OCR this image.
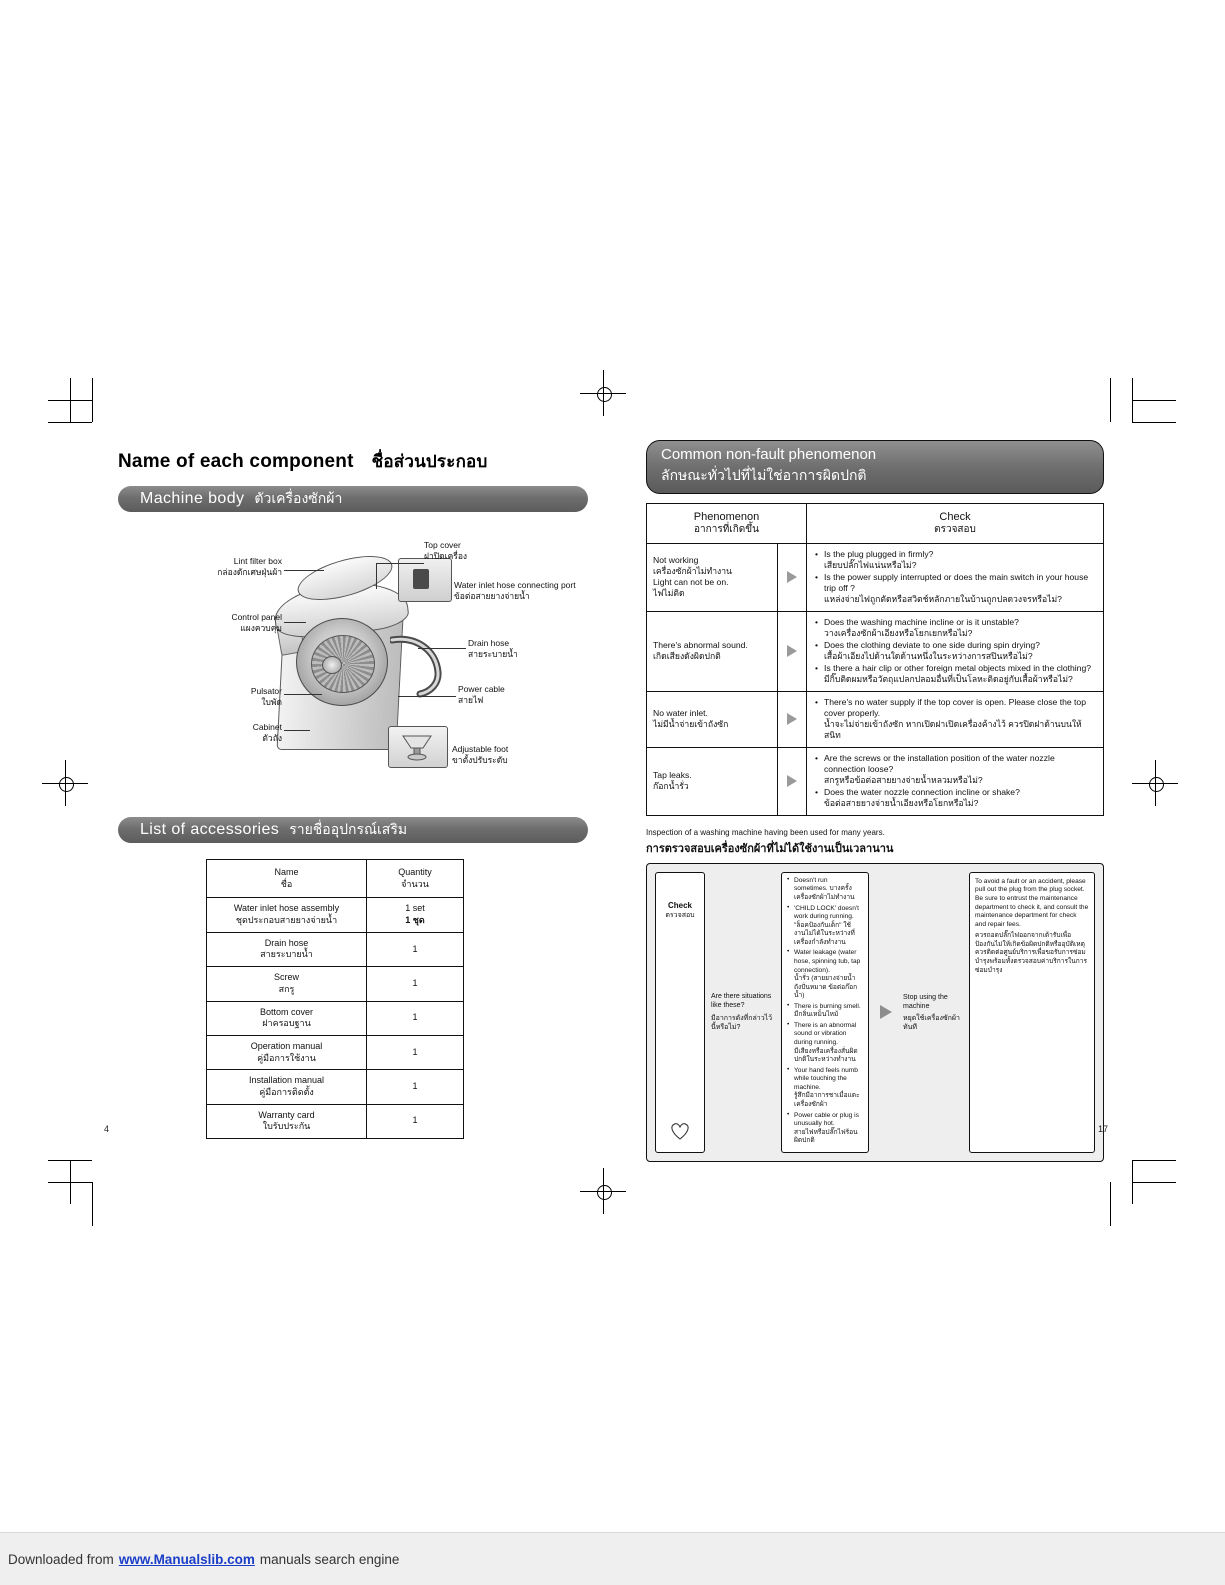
Name of each component ชื่อส่วนประกอบ
Machine body ตัวเครื่องซักผ้า
Top cover
ฝาปิดเครื่อง
Water inlet hose connecting port
ข้อต่อสายยางจ่ายน้ำ
Drain hose
สายระบายน้ำ
Power cable
สายไฟ
Adjustable foot
ขาตั้งปรับระดับ
Lint filter box
กล่องดักเศษฝุ่นผ้า
Control panel
แผงควบคุม
Pulsator
ใบพัด
Cabinet
ตัวถัง
List of accessories รายชื่ออุปกรณ์เสริม
Name
ชื่อ	Quantity
จำนวน

Water inlet hose assembly
ชุดประกอบสายยางจ่ายน้ำ	1 set
1 ชุด

Drain hose
สายระบายน้ำ	1

Screw
สกรู	1

Bottom cover
ฝาครอบฐาน	1

Operation manual
คู่มือการใช้งาน	1

Installation manual
คู่มือการติดตั้ง	1

Warranty card
ใบรับประกัน	1
Common non-fault phenomenon
ลักษณะทั่วไปที่ไม่ใช่อาการผิดปกติ
Phenomenon
อาการที่เกิดขึ้น		Check
ตรวจสอบ

Not working
เครื่องซักผ้าไม่ทำงาน
Light can not be on.
ไฟไม่ติด

• Is the plug plugged in firmly?
เสียบปลั๊กไฟแน่นหรือไม่?
• Is the power supply interrupted or does the main switch in your house trip off ?
แหล่งจ่ายไฟถูกตัดหรือสวิตช์หลักภายในบ้านถูกปลดวงจรหรือไม่?

There's abnormal sound.
เกิดเสียงดังผิดปกติ

• Does the washing machine incline or is it unstable?
วางเครื่องซักผ้าเอียงหรือโยกเยกหรือไม่?
• Does the clothing deviate to one side during spin drying?
เสื้อผ้าเอียงไปด้านใดด้านหนึ่งในระหว่างการสปินหรือไม่?
• Is there a hair clip or other foreign metal objects mixed in the clothing?
มีกิ๊บติดผมหรือวัตถุแปลกปลอมอื่นที่เป็นโลหะติดอยู่กับเสื้อผ้าหรือไม่?

No water inlet.
ไม่มีน้ำจ่ายเข้าถังซัก

• There's no water supply if the top cover is open. Please close the top cover properly.
น้ำจะไม่จ่ายเข้าถังซัก หากเปิดฝาเปิดเครื่องค้างไว้ ควรปิดฝาด้านบนให้สนิท

Tap leaks.
ก๊อกน้ำรั่ว

• Are the screws or the installation position of the water nozzle connection loose?
สกรูหรือข้อต่อสายยางจ่ายน้ำหลวมหรือไม่?
• Does the water nozzle connection incline or shake?
ข้อต่อสายยางจ่ายน้ำเอียงหรือโยกหรือไม่?
Inspection of a washing machine having been used for many years.
การตรวจสอบเครื่องซักผ้าที่ไม่ได้ใช้งานเป็นเวลานาน
Check
ตรวจสอบ
Are there situations like these?
มีอาการดังที่กล่าวไว้นี้หรือไม่?
• Doesn't run sometimes. บางครั้งเครื่องซักผ้าไม่ทำงาน
• 'CHILD LOCK' doesn't work during running.
"ล็อคป้องกันเด็ก" ใช้งานไม่ได้ในระหว่างที่เครื่องกำลังทำงาน
• Water leakage (water hose, spinning tub, tap connection).
น้ำรั่ว (สายยางจ่ายน้ำ ถังปั่นหมาด ข้อต่อก๊อกน้ำ)
• There is burning smell.
มีกลิ่นเหม็นไหม้
• There is an abnormal sound or vibration during running.
มีเสียงหรือเครื่องสั่นผิดปกติในระหว่างทำงาน
• Your hand feels numb while touching the machine.
รู้สึกมีอาการชาเมื่อแตะเครื่องซักผ้า
• Power cable or plug is unusually hot.
สายไฟหรือปลั๊กไฟร้อนผิดปกติ
Stop using the machine
หยุดใช้เครื่องซักผ้าทันที
To avoid a fault or an accident, please pull out the plug from the plug socket. Be sure to entrust the maintenance department to check it, and consult the maintenance department for check and repair fees.
ควรถอดปลั๊กไฟออกจากเต้ารับเพื่อป้องกันไม่ให้เกิดข้อผิดปกติหรืออุบัติเหตุ ควรติดต่อศูนย์บริการเพื่อขอรับการซ่อมบำรุงพร้อมทั้งตรวจสอบค่าบริการในการซ่อมบำรุง
4	17
Downloaded from www.Manualslib.com manuals search engine
